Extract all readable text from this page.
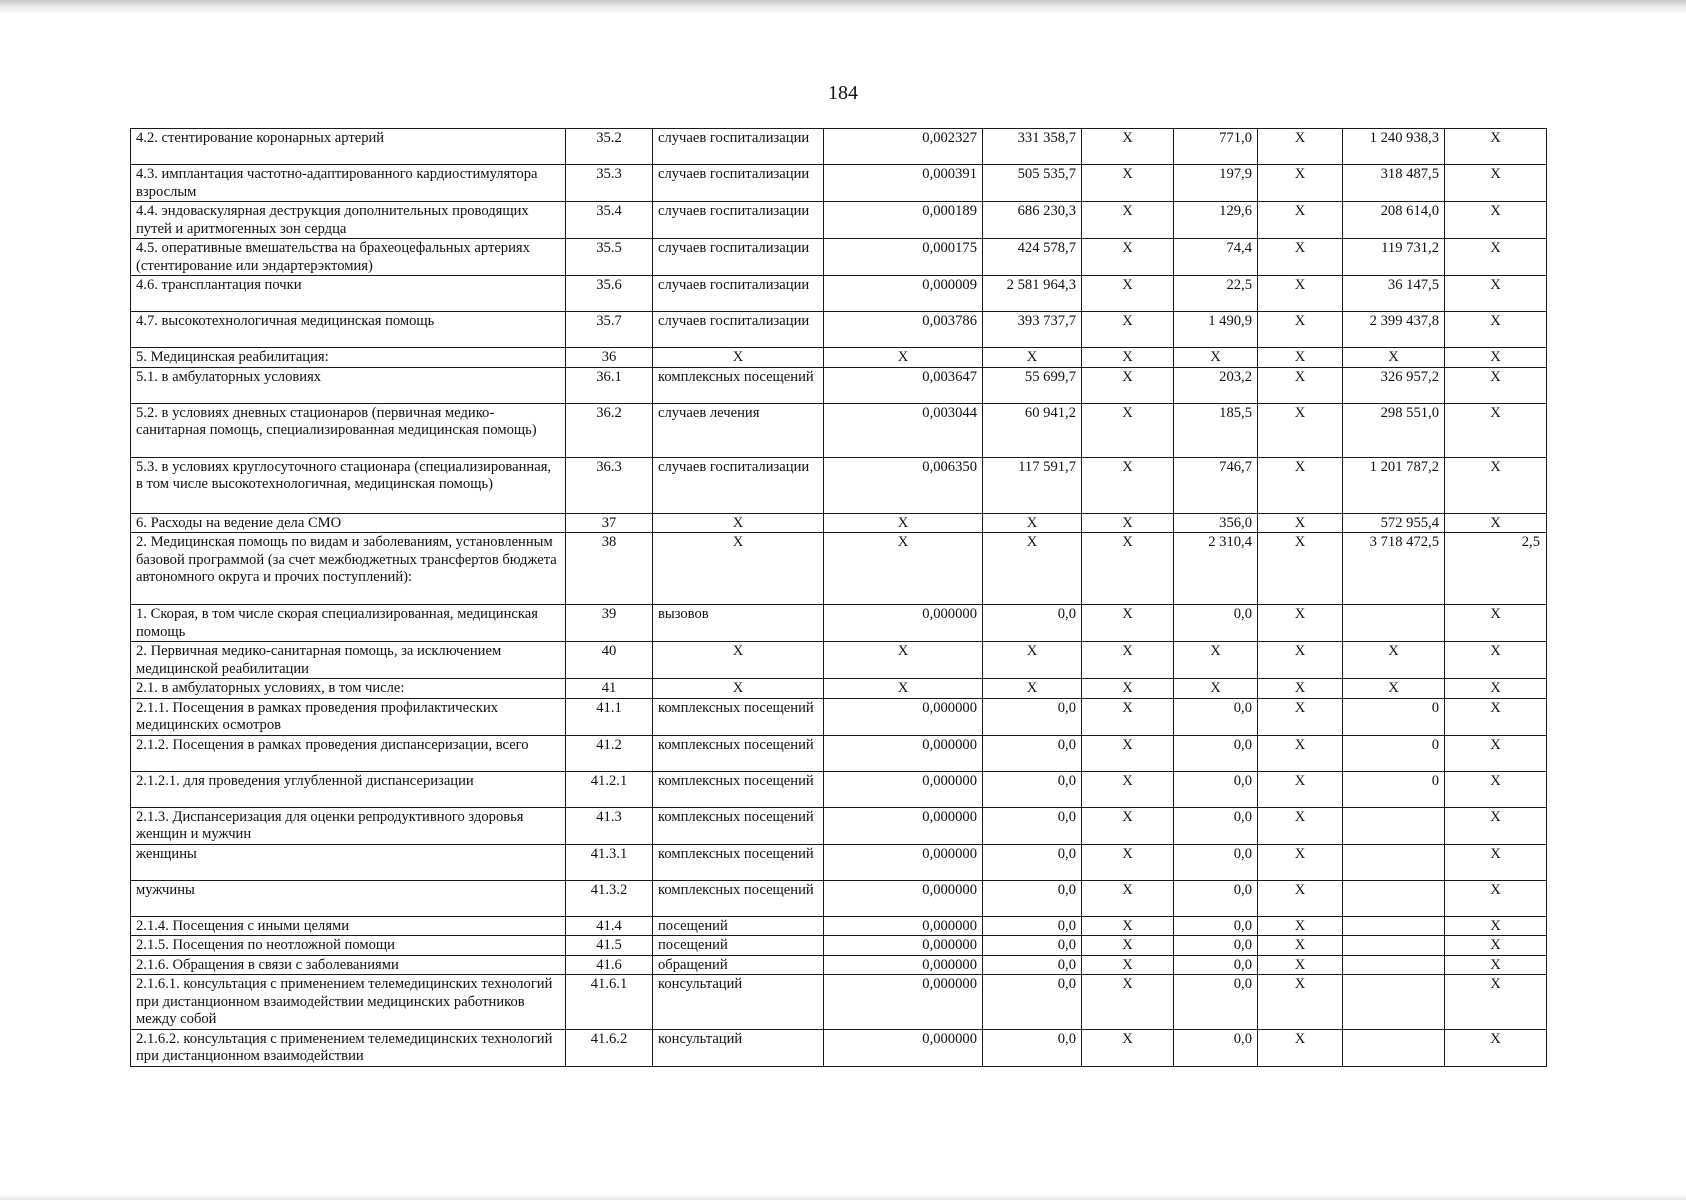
184
4.2. стентирование коронарных артерий	35.2	случаев госпитализации	0,002327	331 358,7	Х	771,0	Х	1 240 938,3	Х
4.3. имплантация частотно-адаптированного кардиостимулятора взрослым	35.3	случаев госпитализации	0,000391	505 535,7	Х	197,9	Х	318 487,5	Х
4.4. эндоваскулярная деструкция дополнительных проводящих путей и аритмогенных зон сердца	35.4	случаев госпитализации	0,000189	686 230,3	Х	129,6	Х	208 614,0	Х
4.5. оперативные вмешательства на брахеоцефальных артериях (стентирование или эндартерэктомия)	35.5	случаев госпитализации	0,000175	424 578,7	Х	74,4	Х	119 731,2	Х
4.6. трансплантация почки	35.6	случаев госпитализации	0,000009	2 581 964,3	Х	22,5	Х	36 147,5	Х
4.7. высокотехнологичная медицинская помощь	35.7	случаев госпитализации	0,003786	393 737,7	Х	1 490,9	Х	2 399 437,8	Х
5. Медицинская реабилитация:	36	Х	Х	Х	Х	Х	Х	Х	Х
5.1. в амбулаторных условиях	36.1	комплексных посещений	0,003647	55 699,7	Х	203,2	Х	326 957,2	Х
5.2. в условиях дневных стационаров (первичная медико-санитарная помощь, специализированная медицинская помощь)	36.2	случаев лечения	0,003044	60 941,2	Х	185,5	Х	298 551,0	Х
5.3. в условиях круглосуточного стационара (специализированная, в том числе высокотехнологичная, медицинская помощь)	36.3	случаев госпитализации	0,006350	117 591,7	Х	746,7	Х	1 201 787,2	Х
6. Расходы на ведение дела СМО	37	Х	Х	Х	Х	356,0	Х	572 955,4	Х
2. Медицинская помощь по видам и заболеваниям, установленным базовой программой (за счет межбюджетных трансфертов бюджета автономного округа и прочих поступлений):	38	Х	Х	Х	Х	2 310,4	Х	3 718 472,5	2,5
1. Скорая, в том числе скорая специализированная, медицинская помощь	39	вызовов	0,000000	0,0	Х	0,0	Х		Х
2. Первичная медико-санитарная помощь, за исключением медицинской реабилитации	40	Х	Х	Х	Х	Х	Х	Х	Х
2.1. в амбулаторных условиях, в том числе:	41	Х	Х	Х	Х	Х	Х	Х	Х
2.1.1. Посещения в рамках проведения профилактических медицинских осмотров	41.1	комплексных посещений	0,000000	0,0	Х	0,0	Х	0	Х
2.1.2. Посещения в рамках проведения диспансеризации, всего	41.2	комплексных посещений	0,000000	0,0	Х	0,0	Х	0	Х
2.1.2.1. для проведения углубленной диспансеризации	41.2.1	комплексных посещений	0,000000	0,0	Х	0,0	Х	0	Х
2.1.3. Диспансеризация для оценки репродуктивного здоровья женщин и мужчин	41.3	комплексных посещений	0,000000	0,0	Х	0,0	Х		Х
женщины	41.3.1	комплексных посещений	0,000000	0,0	Х	0,0	Х		Х
мужчины	41.3.2	комплексных посещений	0,000000	0,0	Х	0,0	Х		Х
2.1.4. Посещения с иными целями	41.4	посещений	0,000000	0,0	Х	0,0	Х		Х
2.1.5. Посещения по неотложной помощи	41.5	посещений	0,000000	0,0	Х	0,0	Х		Х
2.1.6. Обращения в связи с заболеваниями	41.6	обращений	0,000000	0,0	Х	0,0	Х		Х
2.1.6.1. консультация с применением телемедицинских технологий при дистанционном взаимодействии медицинских работников между собой	41.6.1	консультаций	0,000000	0,0	Х	0,0	Х		Х
2.1.6.2. консультация с применением телемедицинских технологий при дистанционном взаимодействии	41.6.2	консультаций	0,000000	0,0	Х	0,0	Х		Х
